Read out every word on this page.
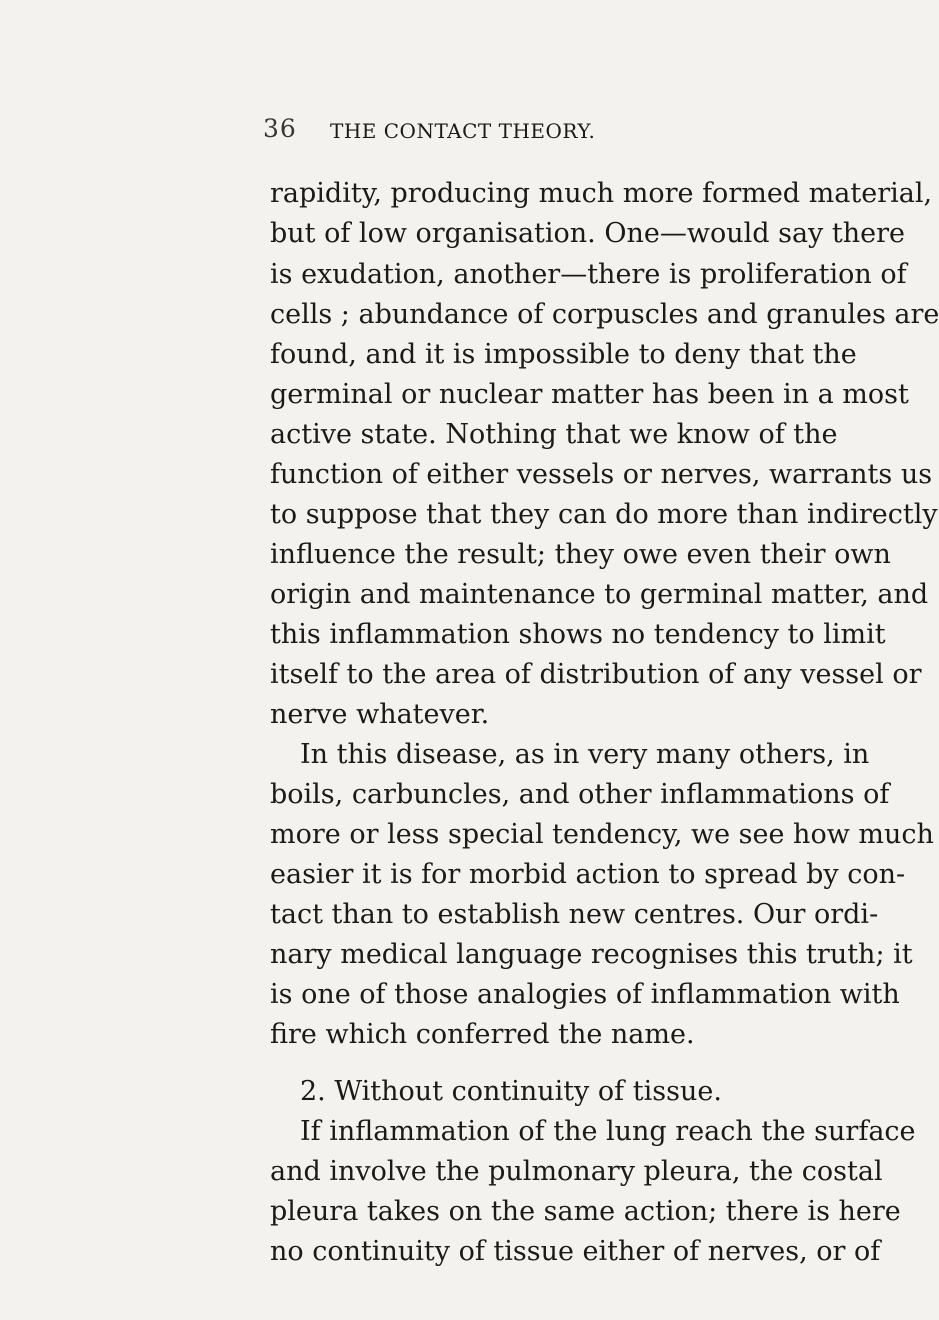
36 THE CONTACT THEORY.
rapidity, producing much more formed material,
but of low organisation. One—would say there
is exudation, another—there is proliferation of
cells ; abundance of corpuscles and granules are
found, and it is impossible to deny that the
germinal or nuclear matter has been in a most
active state. Nothing that we know of the
function of either vessels or nerves, warrants us
to suppose that they can do more than indirectly
influence the result; they owe even their own
origin and maintenance to germinal matter, and
this inflammation shows no tendency to limit
itself to the area of distribution of any vessel or
nerve whatever.
In this disease, as in very many others, in
boils, carbuncles, and other inflammations of
more or less special tendency, we see how much
easier it is for morbid action to spread by con-
tact than to establish new centres. Our ordi-
nary medical language recognises this truth; it
is one of those analogies of inflammation with
fire which conferred the name.
2. Without continuity of tissue.
If inflammation of the lung reach the surface
and involve the pulmonary pleura, the costal
pleura takes on the same action; there is here
no continuity of tissue either of nerves, or of
